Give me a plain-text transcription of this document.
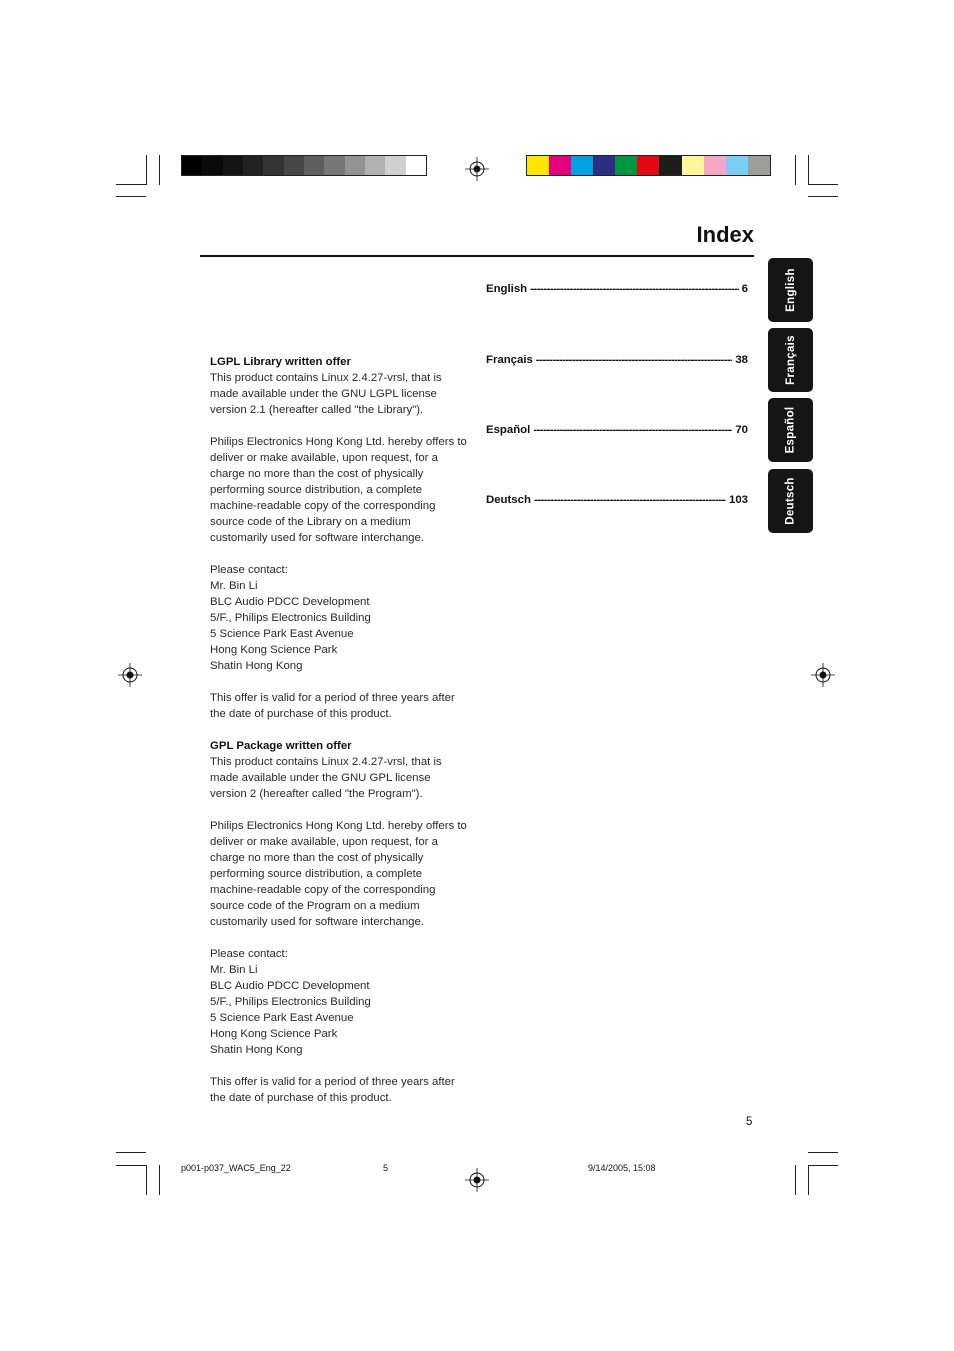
Index

LGPL Library written offer

This product contains Linux 2.4.27-vrsl, that is
made available under the GNU LGPL license
version 2.1 (hereafter called "the Library").
Philips Electronics Hong Kong Ltd. hereby offers to
deliver or make available, upon request, for a
charge no more than the cost of physically
performing source distribution, a complete
machine-readable copy of the corresponding
source code of the Library on a medium
customarily used for software interchange.
Please contact:
Mr. Bin Li
BLC Audio PDCC Development
5/F., Philips Electronics Building
5 Science Park East Avenue
Hong Kong Science Park
Shatin Hong Kong
This offer is valid for a period of three years after
the date of purchase of this product.

GPL Package written offer

This product contains Linux 2.4.27-vrsl, that is
made available under the GNU GPL license
version 2 (hereafter called "the Program").
Philips Electronics Hong Kong Ltd. hereby offers to
deliver or make available, upon request, for a
charge no more than the cost of physically
performing source distribution, a complete
machine-readable copy of the corresponding
source code of the Program on a medium
customarily used for software interchange.
Please contact:
Mr. Bin Li
BLC Audio PDCC Development
5/F., Philips Electronics Building
5 Science Park East Avenue
Hong Kong Science Park
Shatin Hong Kong
This offer is valid for a period of three years after
the date of purchase of this product.
English -----	6
Français -----	38
Español -----	70
Deutsch -----	103
English
Français
Español
Deutsch
5
p001-p037_WAC5_Eng_22	5	9/14/2005, 15:08
